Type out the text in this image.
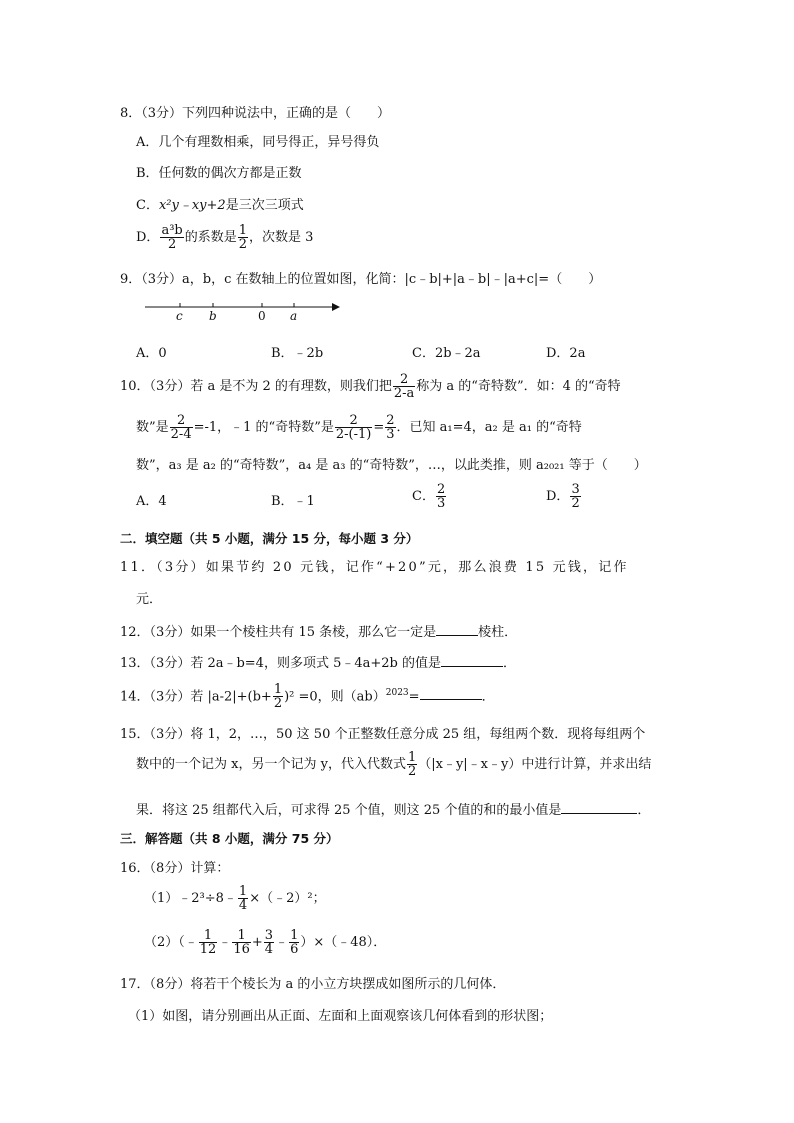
8．（3分）下列四种说法中，正确的是（　　）
A．几个有理数相乘，同号得正，异号得负
B．任何数的偶次方都是正数
C．x²y﹣xy+2是三次三项式
D． $\frac{\text{a³b}}{2}$ 的系数是 $\frac{1}{2}$ ，次数是 3
9．（3分）a，b，c 在数轴上的位置如图，化简：|c﹣b|+|a﹣b|﹣|a+c|=（　　）
c b	0 a
A．0	B．﹣2b	C．2b﹣2a	D．2a
10．（3分）若 a 是不为 2 的有理数，则我们把 $\frac{2}{2-a}$ 称为 a 的“奇特数”．如：4 的“奇特
数”是 $\frac{2}{2-4} =-1$，﹣1 的“奇特数”是 $\frac{2}{2-(-1)} = \frac{2}{3}$ ．已知 a₁=4，a₂ 是 a₁ 的“奇特
数”，a₃ 是 a₂ 的“奇特数”，a₄ 是 a₃ 的“奇特数”，…，以此类推，则 a₂₀₂₁ 等于（　　）
A．4	B．﹣1	C． $\frac{2}{3}$	D． $\frac{3}{2}$
二．填空题（共 5 小题，满分 15 分，每小题 3 分）
11．（3分）如果节约 20 元钱，记作“+20”元，那么浪费 15 元钱，记作
元．
12．（3分）如果一个棱柱共有 15 条棱，那么它一定是	棱柱．
13．（3分）若 2a﹣b=4，则多项式 5﹣4a+2b 的值是	．
14．（3分）若 $|a-2|+(b+ \frac{1}{2} )^2 =0$，则（ab）$^{2023}$=	．
15．（3分）将 1，2，…，50 这 50 个正整数任意分成 25 组，每组两个数．现将每组两个
数中的一个记为 x，另一个记为 y，代入代数式 $\frac{1}{2}$ （|x﹣y|﹣x﹣y）中进行计算，并求出结
果．将这 25 组都代入后，可求得 25 个值，则这 25 个值的和的最小值是	．
三．解答题（共 8 小题，满分 75 分）
16．（8分）计算：
（1）﹣2³÷8﹣ $\frac{1}{4}$ ×（﹣2）²；
（2）（﹣ $\frac{1}{12}$ ﹣ $\frac{1}{16} + \frac{3}{4}$ ﹣ $\frac{1}{6}$ ）×（﹣48）．
17．（8分）将若干个棱长为 a 的小立方块摆成如图所示的几何体．
（1）如图，请分别画出从正面、左面和上面观察该几何体看到的形状图；
